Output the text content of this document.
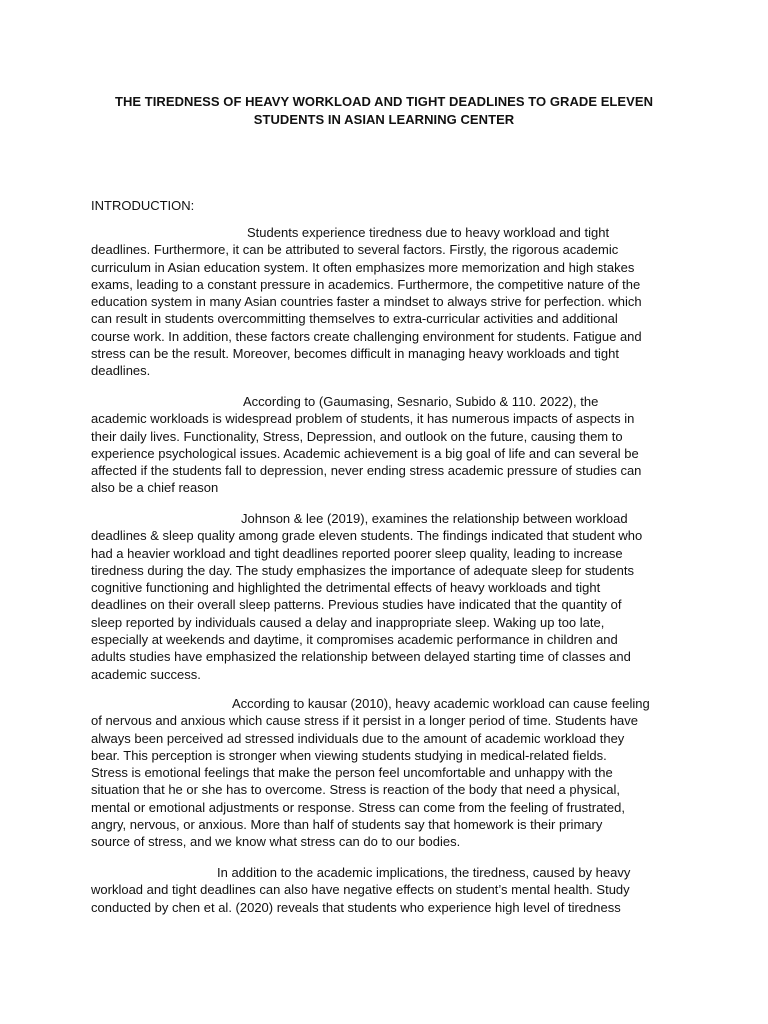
THE TIREDNESS OF HEAVY WORKLOAD AND TIGHT DEADLINES TO GRADE ELEVEN
STUDENTS IN ASIAN LEARNING CENTER
INTRODUCTION:

Students experience tiredness due to heavy workload and tight
deadlines. Furthermore, it can be attributed to several factors. Firstly, the rigorous academic
curriculum in Asian education system. It often emphasizes more memorization and high stakes
exams, leading to a constant pressure in academics. Furthermore, the competitive nature of the
education system in many Asian countries faster a mindset to always strive for perfection. which
can result in students overcommitting themselves to extra-curricular activities and additional
course work. In addition, these factors create challenging environment for students. Fatigue and
stress can be the result. Moreover, becomes difficult in managing heavy workloads and tight
deadlines.

According to (Gaumasing, Sesnario, Subido & 110. 2022), the
academic workloads is widespread problem of students, it has numerous impacts of aspects in
their daily lives. Functionality, Stress, Depression, and outlook on the future, causing them to
experience psychological issues. Academic achievement is a big goal of life and can several be
affected if the students fall to depression, never ending stress academic pressure of studies can
also be a chief reason

Johnson & lee (2019), examines the relationship between workload
deadlines & sleep quality among grade eleven students. The findings indicated that student who
had a heavier workload and tight deadlines reported poorer sleep quality, leading to increase
tiredness during the day. The study emphasizes the importance of adequate sleep for students
cognitive functioning and highlighted the detrimental effects of heavy workloads and tight
deadlines on their overall sleep patterns. Previous studies have indicated that the quantity of
sleep reported by individuals caused a delay and inappropriate sleep. Waking up too late,
especially at weekends and daytime, it compromises academic performance in children and
adults studies have emphasized the relationship between delayed starting time of classes and
academic success.

According to kausar (2010), heavy academic workload can cause feeling
of nervous and anxious which cause stress if it persist in a longer period of time. Students have
always been perceived ad stressed individuals due to the amount of academic workload they
bear. This perception is stronger when viewing students studying in medical-related fields.
Stress is emotional feelings that make the person feel uncomfortable and unhappy with the
situation that he or she has to overcome. Stress is reaction of the body that need a physical,
mental or emotional adjustments or response. Stress can come from the feeling of frustrated,
angry, nervous, or anxious. More than half of students say that homework is their primary
source of stress, and we know what stress can do to our bodies.

In addition to the academic implications, the tiredness, caused by heavy
workload and tight deadlines can also have negative effects on student’s mental health. Study
conducted by chen et al. (2020) reveals that students who experience high level of tiredness
